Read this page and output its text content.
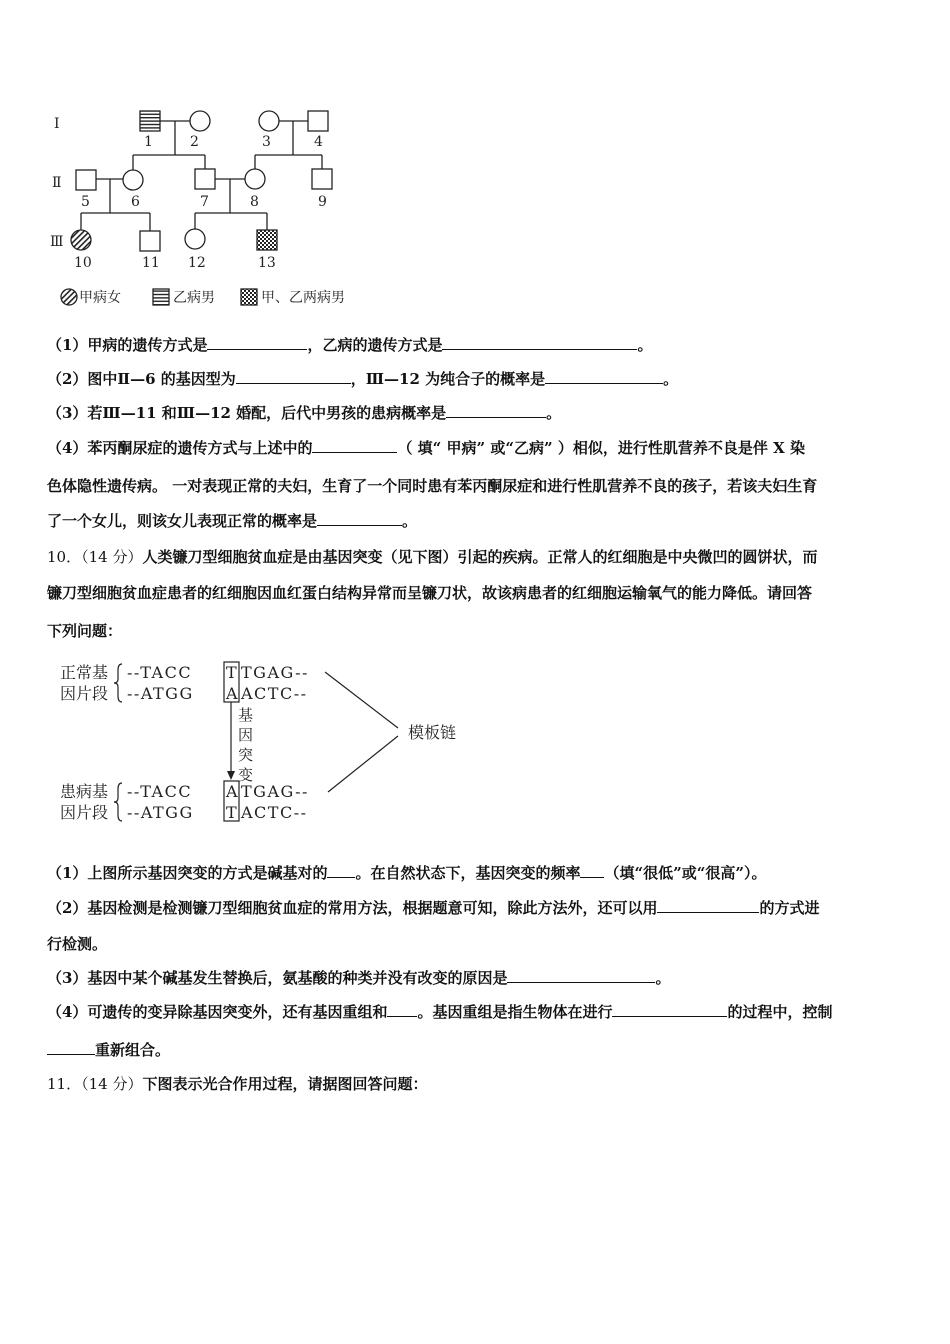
I
Ⅱ
Ⅲ
1	2	3	4
5	6	7	8	9
10	11 12	13
甲病女	乙病男	甲、乙两病男
（1）甲病的遗传方式是	，乙病的遗传方式是	。
（2）图中Ⅱ—6 的基因型为	，Ⅲ—12 为纯合子的概率是	。
（3）若Ⅲ—11 和Ⅲ—12 婚配，后代中男孩的患病概率是	。
（4）苯丙酮尿症的遗传方式与上述中的	（ 填“ 甲病” 或“乙病” ）相似，进行性肌营养不良是伴 X 染
色体隐性遗传病。 一对表现正常的夫妇，生育了一个同时患有苯丙酮尿症和进行性肌营养不良的孩子，若该夫妇生育
了一个女儿，则该女儿表现正常的概率是	。
10．（14 分）人类镰刀型细胞贫血症是由基因突变（见下图）引起的疾病。正常人的红细胞是中央微凹的圆饼状，而
镰刀型细胞贫血症患者的红细胞因血红蛋白结构异常而呈镰刀状，故该病患者的红细胞运输氧气的能力降低。请回答
下列问题：
正常基
因片段
患病基
因片段
--TACC T TGAG--
--ATGG A ACTC--
--TACC A TGAG--
--ATGG T ACTC--
基
因
突
变
模板链
（1）上图所示基因突变的方式是碱基对的 。在自然状态下，基因突变的频率 （填“很低”或“很高”）。
（2）基因检测是检测镰刀型细胞贫血症的常用方法，根据题意可知，除此方法外，还可以用	的方式进
行检测。
（3）基因中某个碱基发生替换后，氨基酸的种类并没有改变的原因是	。
（4）可遗传的变异除基因突变外，还有基因重组和 。基因重组是指生物体在进行	的过程中，控制
重新组合。
11．（14 分）下图表示光合作用过程，请据图回答问题：
